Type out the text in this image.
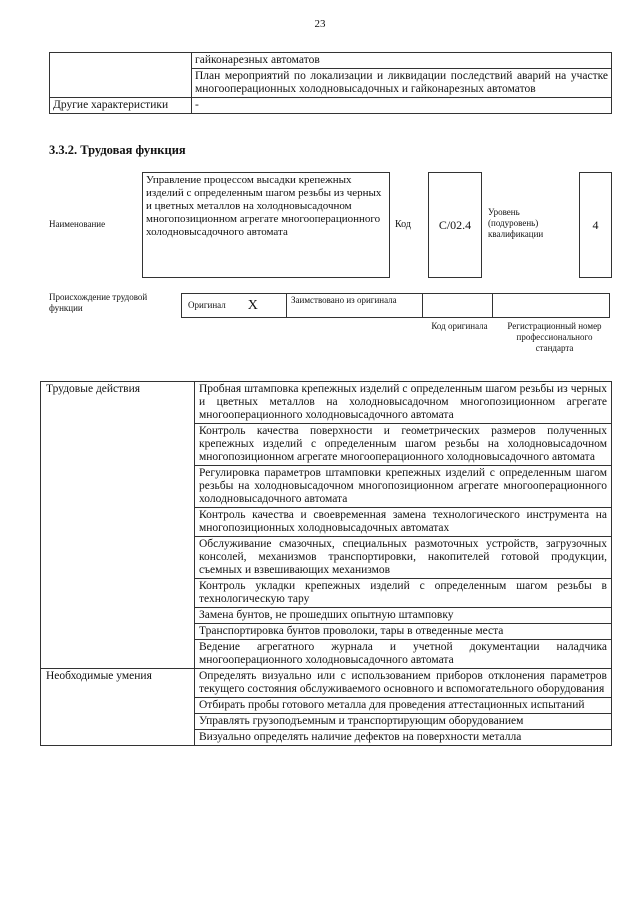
23
	гайконарезных автоматов
	План мероприятий по локализации и ликвидации последствий аварий на участке многооперационных холодновысадочных и гайконарезных автоматов
Другие характеристики	-
3.3.2. Трудовая функция
Наименование
Управление процессом высадки крепежных изделий с определенным шагом резьбы из черных и цветных металлов на холодновысадочном многопозиционном агрегате многооперационного холодновысадочного автомата
Код	С/02.4
Уровень (подуровень) квалификации
4
Происхождение трудовой функции	Оригинал X	Заимствовано из оригинала
Код оригинала	Регистрационный номер профессионального стандарта
Трудовые действия		Пробная штамповка крепежных изделий с определенным шагом резьбы из черных и цветных металлов на холодновысадочном многопозиционном агрегате многооперационного холодновысадочного автомата
Контроль качества поверхности и геометрических размеров полученных крепежных изделий с определенным шагом резьбы на холодновысадочном многопозиционном агрегате многооперационного холодновысадочного автомата
Регулировка параметров штамповки крепежных изделий с определенным шагом резьбы на холодновысадочном многопозиционном агрегате многооперационного холодновысадочного автомата
Контроль качества и своевременная замена технологического инструмента на многопозиционных холодновысадочных автоматах
Обслуживание смазочных, специальных размоточных устройств, загрузочных консолей, механизмов транспортировки, накопителей готовой продукции, съемных и взвешивающих механизмов
Контроль укладки крепежных изделий с определенным шагом резьбы в технологическую тару
Замена бунтов, не прошедших опытную штамповку
Транспортировка бунтов проволоки, тары в отведенные места
Ведение агрегатного журнала и учетной документации наладчика многооперационного холодновысадочного автомата

Необходимые умения		Определять визуально или с использованием приборов отклонения параметров текущего состояния обслуживаемого основного и вспомогательного оборудования
Отбирать пробы готового металла для проведения аттестационных испытаний
Управлять грузоподъемным и транспортирующим оборудованием
Визуально определять наличие дефектов на поверхности металла
